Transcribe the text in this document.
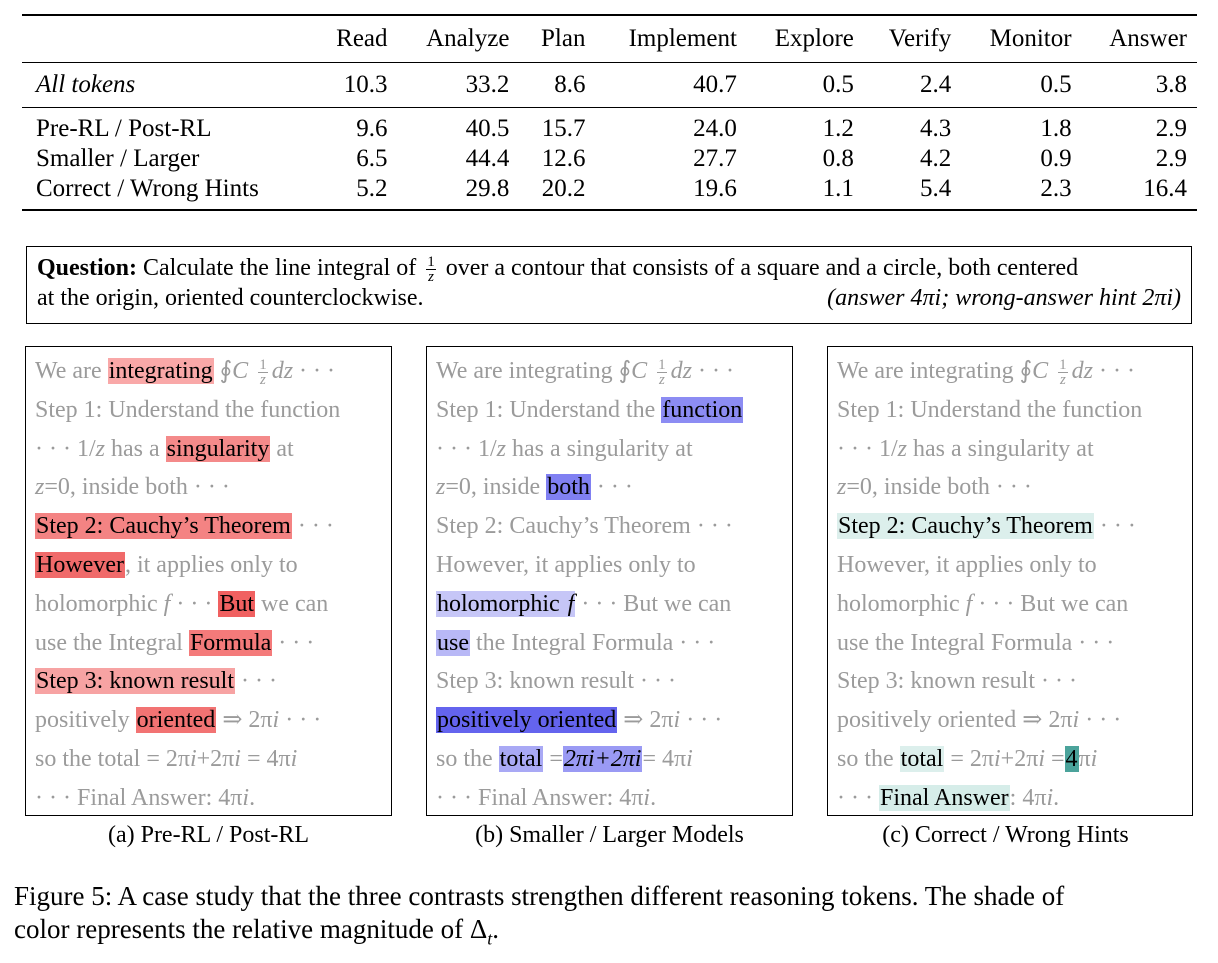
	Read	Analyze	Plan	Implement	Explore	Verify	Monitor	Answer
All tokens	10.3	33.2	8.6	40.7	0.5	2.4	0.5	3.8
Pre-RL / Post-RL	9.6	40.5	15.7	24.0	1.2	4.3	1.8	2.9
Smaller / Larger	6.5	44.4	12.6	27.7	0.8	4.2	0.9	2.9
Correct / Wrong Hints	5.2	29.8	20.2	19.6	1.1	5.4	2.3	16.4
Question: Calculate the line integral of $\frac{1}{z}$ over a contour that consists of a square and a circle, both centered
at the origin, oriented counterclockwise.	(answer 4πi; wrong-answer hint 2πi)
We are integrating ∮C $\frac{1}{z}$ dz · · ·
Step 1: Understand the function
· · · 1/z has a singularity at
z=0, inside both · · ·
Step 2: Cauchy’s Theorem · · ·
However, it applies only to
holomorphic f · · · But we can
use the Integral Formula · · ·
Step 3: known result · · ·
positively oriented ⇒ 2πi · · ·
so the total = 2πi+2πi = 4πi
· · · Final Answer: 4πi.
We are integrating ∮C $\frac{1}{z}$ dz · · ·
Step 1: Understand the function
· · · 1/z has a singularity at
z=0, inside both · · ·
Step 2: Cauchy’s Theorem · · ·
However, it applies only to
holomorphic f · · · But we can
use the Integral Formula · · ·
Step 3: known result · · ·
positively oriented ⇒ 2πi · · ·
so the total =2πi+2πi= 4πi
· · · Final Answer: 4πi.
We are integrating ∮C $\frac{1}{z}$ dz · · ·
Step 1: Understand the function
· · · 1/z has a singularity at
z=0, inside both · · ·
Step 2: Cauchy’s Theorem · · ·
However, it applies only to
holomorphic f · · · But we can
use the Integral Formula · · ·
Step 3: known result · · ·
positively oriented ⇒ 2πi · · ·
so the total = 2πi+2πi =4πi
· · · Final Answer: 4πi.
(a) Pre-RL / Post-RL	(b) Smaller / Larger Models	(c) Correct / Wrong Hints
Figure 5: A case study that the three contrasts strengthen different reasoning tokens. The shade of
color represents the relative magnitude of $\Delta_t$.
